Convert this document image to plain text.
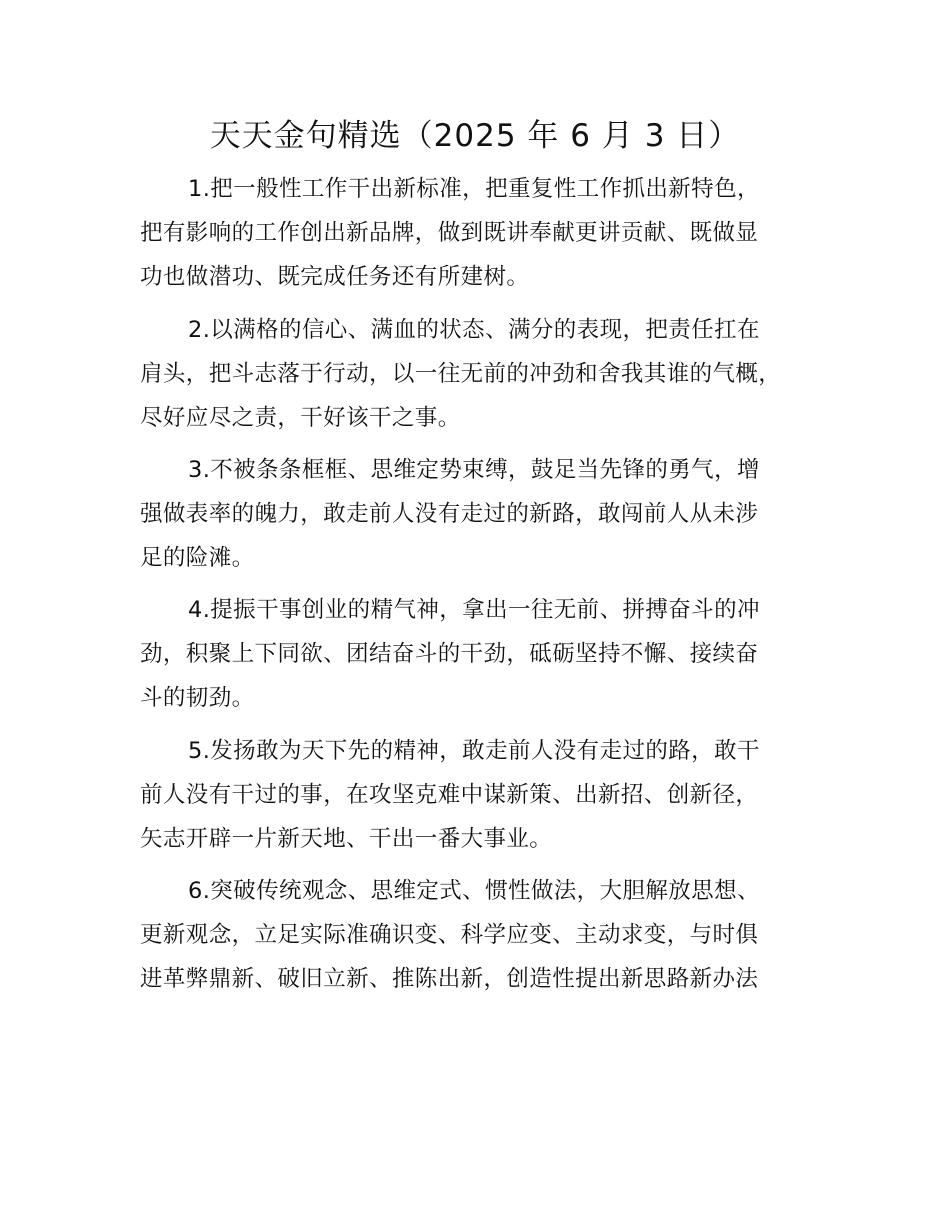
天天金句精选（2025 年 6 月 3 日）
1.把一般性工作干出新标准，把重复性工作抓出新特色，
把有影响的工作创出新品牌，做到既讲奉献更讲贡献、既做显
功也做潜功、既完成任务还有所建树。
2.以满格的信心、满血的状态、满分的表现，把责任扛在
肩头，把斗志落于行动，以一往无前的冲劲和舍我其谁的气概，
尽好应尽之责，干好该干之事。
3.不被条条框框、思维定势束缚，鼓足当先锋的勇气，增
强做表率的魄力，敢走前人没有走过的新路，敢闯前人从未涉
足的险滩。
4.提振干事创业的精气神，拿出一往无前、拼搏奋斗的冲
劲，积聚上下同欲、团结奋斗的干劲，砥砺坚持不懈、接续奋
斗的韧劲。
5.发扬敢为天下先的精神，敢走前人没有走过的路，敢干
前人没有干过的事，在攻坚克难中谋新策、出新招、创新径，
矢志开辟一片新天地、干出一番大事业。
6.突破传统观念、思维定式、惯性做法，大胆解放思想、
更新观念，立足实际准确识变、科学应变、主动求变，与时俱
进革弊鼎新、破旧立新、推陈出新，创造性提出新思路新办法
